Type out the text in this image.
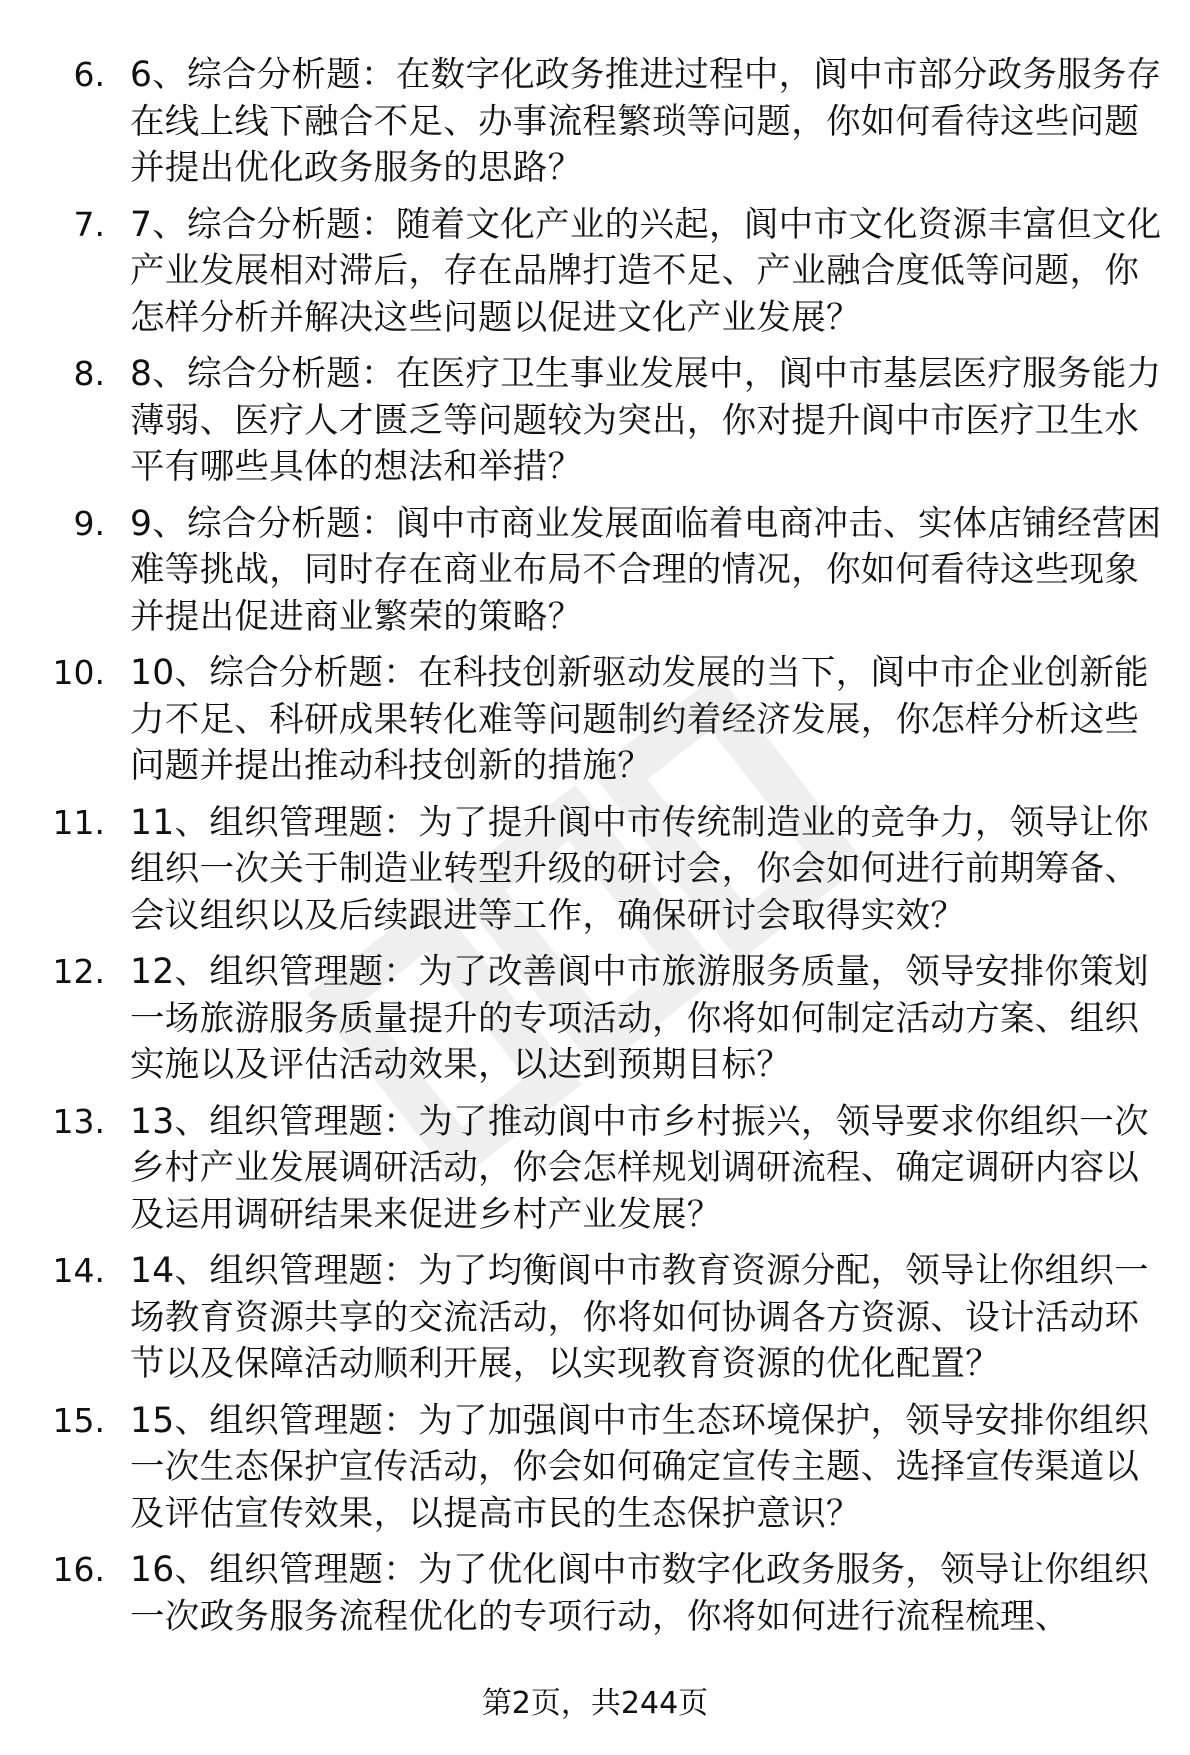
6. 6、综合分析题：在数字化政务推进过程中，阆中市部分政务服务存在线上线下融合不足、办事流程繁琐等问题，你如何看待这些问题并提出优化政务服务的思路？
7. 7、综合分析题：随着文化产业的兴起，阆中市文化资源丰富但文化产业发展相对滞后，存在品牌打造不足、产业融合度低等问题，你怎样分析并解决这些问题以促进文化产业发展？
8. 8、综合分析题：在医疗卫生事业发展中，阆中市基层医疗服务能力薄弱、医疗人才匮乏等问题较为突出，你对提升阆中市医疗卫生水平有哪些具体的想法和举措？
9. 9、综合分析题：阆中市商业发展面临着电商冲击、实体店铺经营困难等挑战，同时存在商业布局不合理的情况，你如何看待这些现象并提出促进商业繁荣的策略？
10. 10、综合分析题：在科技创新驱动发展的当下，阆中市企业创新能力不足、科研成果转化难等问题制约着经济发展，你怎样分析这些问题并提出推动科技创新的措施？
11. 11、组织管理题：为了提升阆中市传统制造业的竞争力，领导让你组织一次关于制造业转型升级的研讨会，你会如何进行前期筹备、会议组织以及后续跟进等工作，确保研讨会取得实效？
12. 12、组织管理题：为了改善阆中市旅游服务质量，领导安排你策划一场旅游服务质量提升的专项活动，你将如何制定活动方案、组织实施以及评估活动效果，以达到预期目标？
13. 13、组织管理题：为了推动阆中市乡村振兴，领导要求你组织一次乡村产业发展调研活动，你会怎样规划调研流程、确定调研内容以及运用调研结果来促进乡村产业发展？
14. 14、组织管理题：为了均衡阆中市教育资源分配，领导让你组织一场教育资源共享的交流活动，你将如何协调各方资源、设计活动环节以及保障活动顺利开展，以实现教育资源的优化配置？
15. 15、组织管理题：为了加强阆中市生态环境保护，领导安排你组织一次生态保护宣传活动，你会如何确定宣传主题、选择宣传渠道以及评估宣传效果，以提高市民的生态保护意识？
16. 16、组织管理题：为了优化阆中市数字化政务服务，领导让你组织一次政务服务流程优化的专项行动，你将如何进行流程梳理、
第2页，共244页
